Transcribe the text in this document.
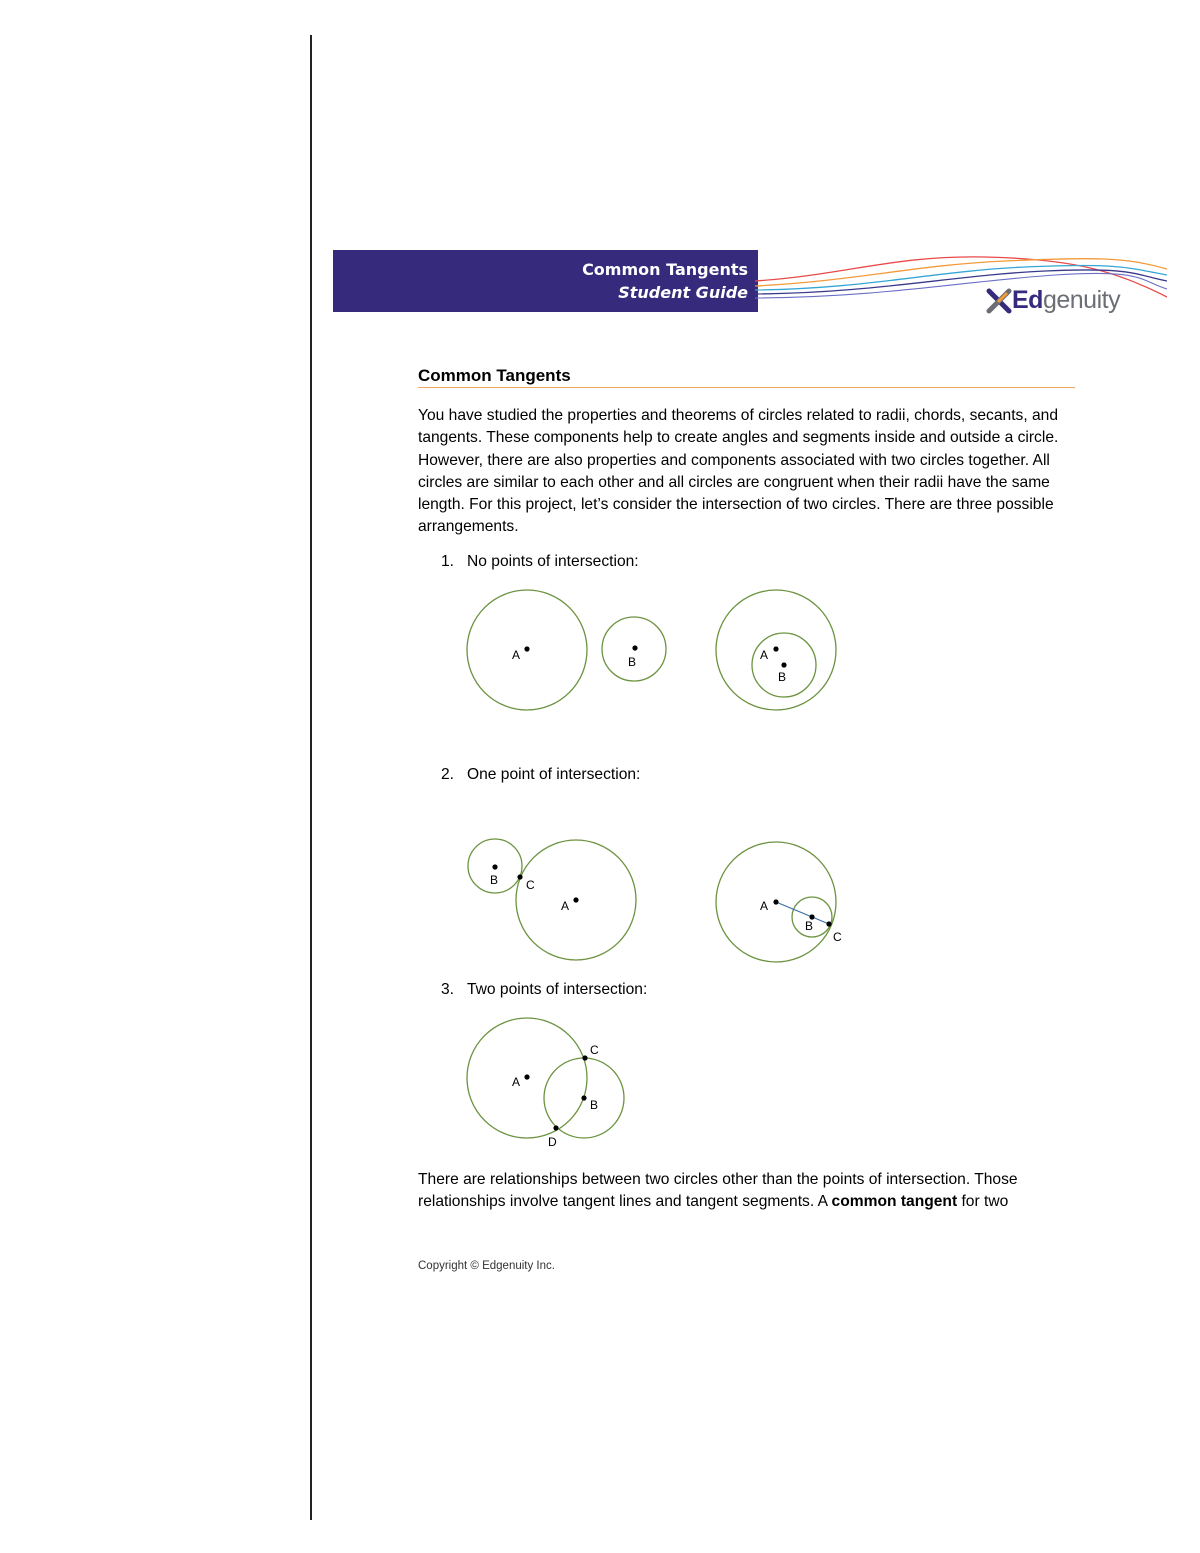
Common Tangents
Student Guide	Edgenuity
Common Tangents

You have studied the properties and theorems of circles related to radii, chords, secants, and tangents. These components help to create angles and segments inside and outside a circle. However, there are also properties and components associated with two circles together. All circles are similar to each other and all circles are congruent when their radii have the same length. For this project, let’s consider the intersection of two circles. There are three possible arrangements.

1. No points of intersection:
2. One point of intersection:
3. Two points of intersection:
A	B	A
B
B C
A	A
B
C
A
C
B
D

There are relationships between two circles other than the points of intersection. Those relationships involve tangent lines and tangent segments. A common tangent for two

Copyright © Edgenuity Inc.
